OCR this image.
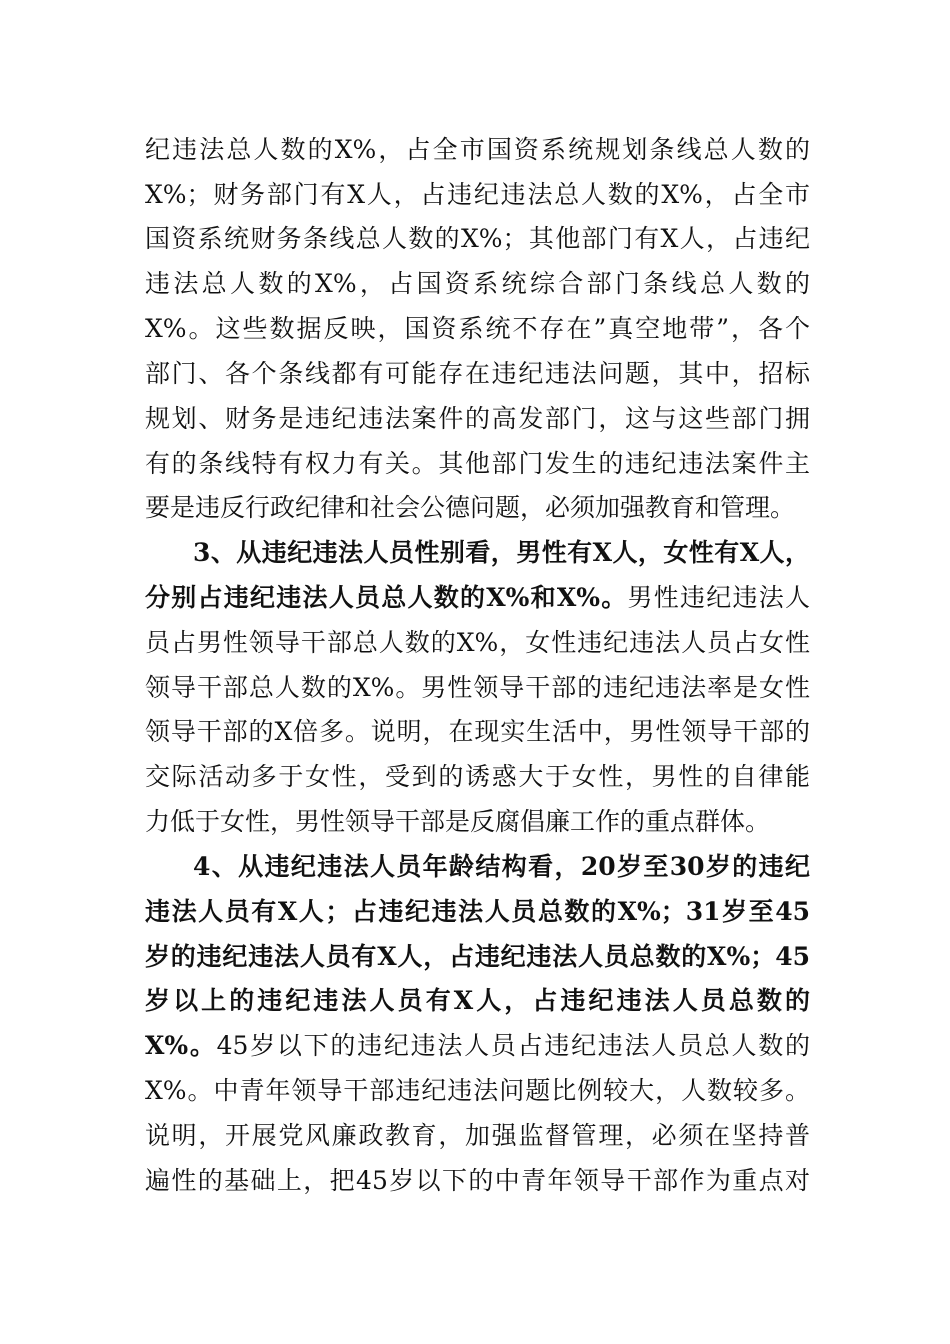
纪违法总人数的X%，占全市国资系统规划条线总人数的
X%；财务部门有X人，占违纪违法总人数的X%，占全市
国资系统财务条线总人数的X%；其他部门有X人，占违纪
违法总人数的X%，占国资系统综合部门条线总人数的
X%。这些数据反映，国资系统不存在”真空地带”，各个
部门、各个条线都有可能存在违纪违法问题，其中，招标
规划、财务是违纪违法案件的高发部门，这与这些部门拥
有的条线特有权力有关。其他部门发生的违纪违法案件主
要是违反行政纪律和社会公德问题，必须加强教育和管理。
3、从违纪违法人员性别看，男性有X人，女性有X人，
分别占违纪违法人员总人数的X%和X%。男性违纪违法人
员占男性领导干部总人数的X%，女性违纪违法人员占女性
领导干部总人数的X%。男性领导干部的违纪违法率是女性
领导干部的X倍多。说明，在现实生活中，男性领导干部的
交际活动多于女性，受到的诱惑大于女性，男性的自律能
力低于女性，男性领导干部是反腐倡廉工作的重点群体。
4、从违纪违法人员年龄结构看，20岁至30岁的违纪
违法人员有X人；占违纪违法人员总数的X%；31岁至45
岁的违纪违法人员有X人，占违纪违法人员总数的X%；45
岁以上的违纪违法人员有X人，占违纪违法人员总数的
X%。45岁以下的违纪违法人员占违纪违法人员总人数的
X%。中青年领导干部违纪违法问题比例较大，人数较多。
说明，开展党风廉政教育，加强监督管理，必须在坚持普
遍性的基础上，把45岁以下的中青年领导干部作为重点对
